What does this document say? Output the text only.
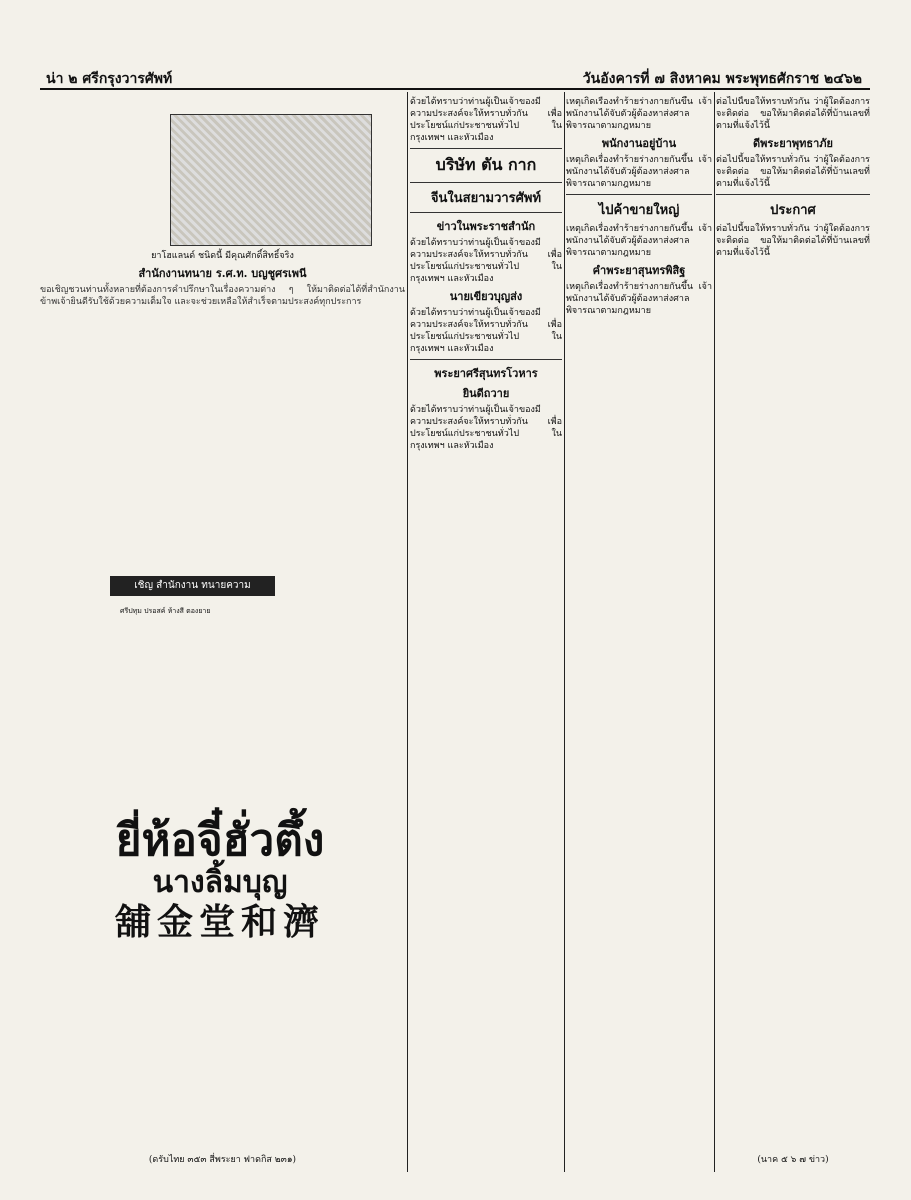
น่า ๒ ศรีกรุงวารศัพท์	วันอังคารที่ ๗ สิงหาคม พระพุทธศักราช ๒๔๖๒
ยาโฮแลนด์ ชนิดนี้ มีคุณศักดิ์สิทธิ์จริง
สำนักงานทนาย ร.ศ.ท. บญชูศรเพนี
ขอเชิญชวนท่านทั้งหลายที่ต้องการคำปรึกษาในเรื่องความต่าง ๆ ให้มาติดต่อได้ที่สำนักงาน ข้าพเจ้ายินดีรับใช้ด้วยความเต็มใจ และจะช่วยเหลือให้สำเร็จตามประสงค์ทุกประการ
เชิญ สำนักงาน ทนายความ
ศรีปทุม ปรอสค์ ห้างสี ตองยาย
ยี่ห้อจี๋ฮั่วตึ้ง
นางลิ้มบุญ
舖金堂和濟
(ดรับไทย ๓๕๓ สี่พระยา ฟาดกิส ๒๓๑)
ด้วยได้ทราบว่าท่านผู้เป็นเจ้าของมีความประสงค์จะให้ทราบทั่วกัน เพื่อประโยชน์แก่ประชาชนทั่วไป ในกรุงเทพฯ และหัวเมือง
บริษัท ตัน กาก
จีนในสยามวารศัพท์
ข่าวในพระราชสำนัก
ด้วยได้ทราบว่าท่านผู้เป็นเจ้าของมีความประสงค์จะให้ทราบทั่วกัน เพื่อประโยชน์แก่ประชาชนทั่วไป ในกรุงเทพฯ และหัวเมือง
นายเขียวบุญส่ง
ด้วยได้ทราบว่าท่านผู้เป็นเจ้าของมีความประสงค์จะให้ทราบทั่วกัน เพื่อประโยชน์แก่ประชาชนทั่วไป ในกรุงเทพฯ และหัวเมือง
พระยาศรีสุนทรโวหาร
ยินดีถวาย
ด้วยได้ทราบว่าท่านผู้เป็นเจ้าของมีความประสงค์จะให้ทราบทั่วกัน เพื่อประโยชน์แก่ประชาชนทั่วไป ในกรุงเทพฯ และหัวเมือง
เหตุเกิดเรื่องทำร้ายร่างกายกันขึ้น เจ้าพนักงานได้จับตัวผู้ต้องหาส่งศาลพิจารณาตามกฎหมาย
พนักงานอยู่บ้าน
เหตุเกิดเรื่องทำร้ายร่างกายกันขึ้น เจ้าพนักงานได้จับตัวผู้ต้องหาส่งศาลพิจารณาตามกฎหมาย
ไปค้าขายใหญ่
เหตุเกิดเรื่องทำร้ายร่างกายกันขึ้น เจ้าพนักงานได้จับตัวผู้ต้องหาส่งศาลพิจารณาตามกฎหมาย
คำพระยาสุนทรพิสิฐ
เหตุเกิดเรื่องทำร้ายร่างกายกันขึ้น เจ้าพนักงานได้จับตัวผู้ต้องหาส่งศาลพิจารณาตามกฎหมาย
ต่อไปนี้ขอให้ทราบทั่วกัน ว่าผู้ใดต้องการจะติดต่อ ขอให้มาติดต่อได้ที่บ้านเลขที่ตามที่แจ้งไว้นี้
ดีพระยาพุทธาภัย
ต่อไปนี้ขอให้ทราบทั่วกัน ว่าผู้ใดต้องการจะติดต่อ ขอให้มาติดต่อได้ที่บ้านเลขที่ตามที่แจ้งไว้นี้
ประกาศ
ต่อไปนี้ขอให้ทราบทั่วกัน ว่าผู้ใดต้องการจะติดต่อ ขอให้มาติดต่อได้ที่บ้านเลขที่ตามที่แจ้งไว้นี้
(นาค ๕ ๖ ๗ ข่าว)
